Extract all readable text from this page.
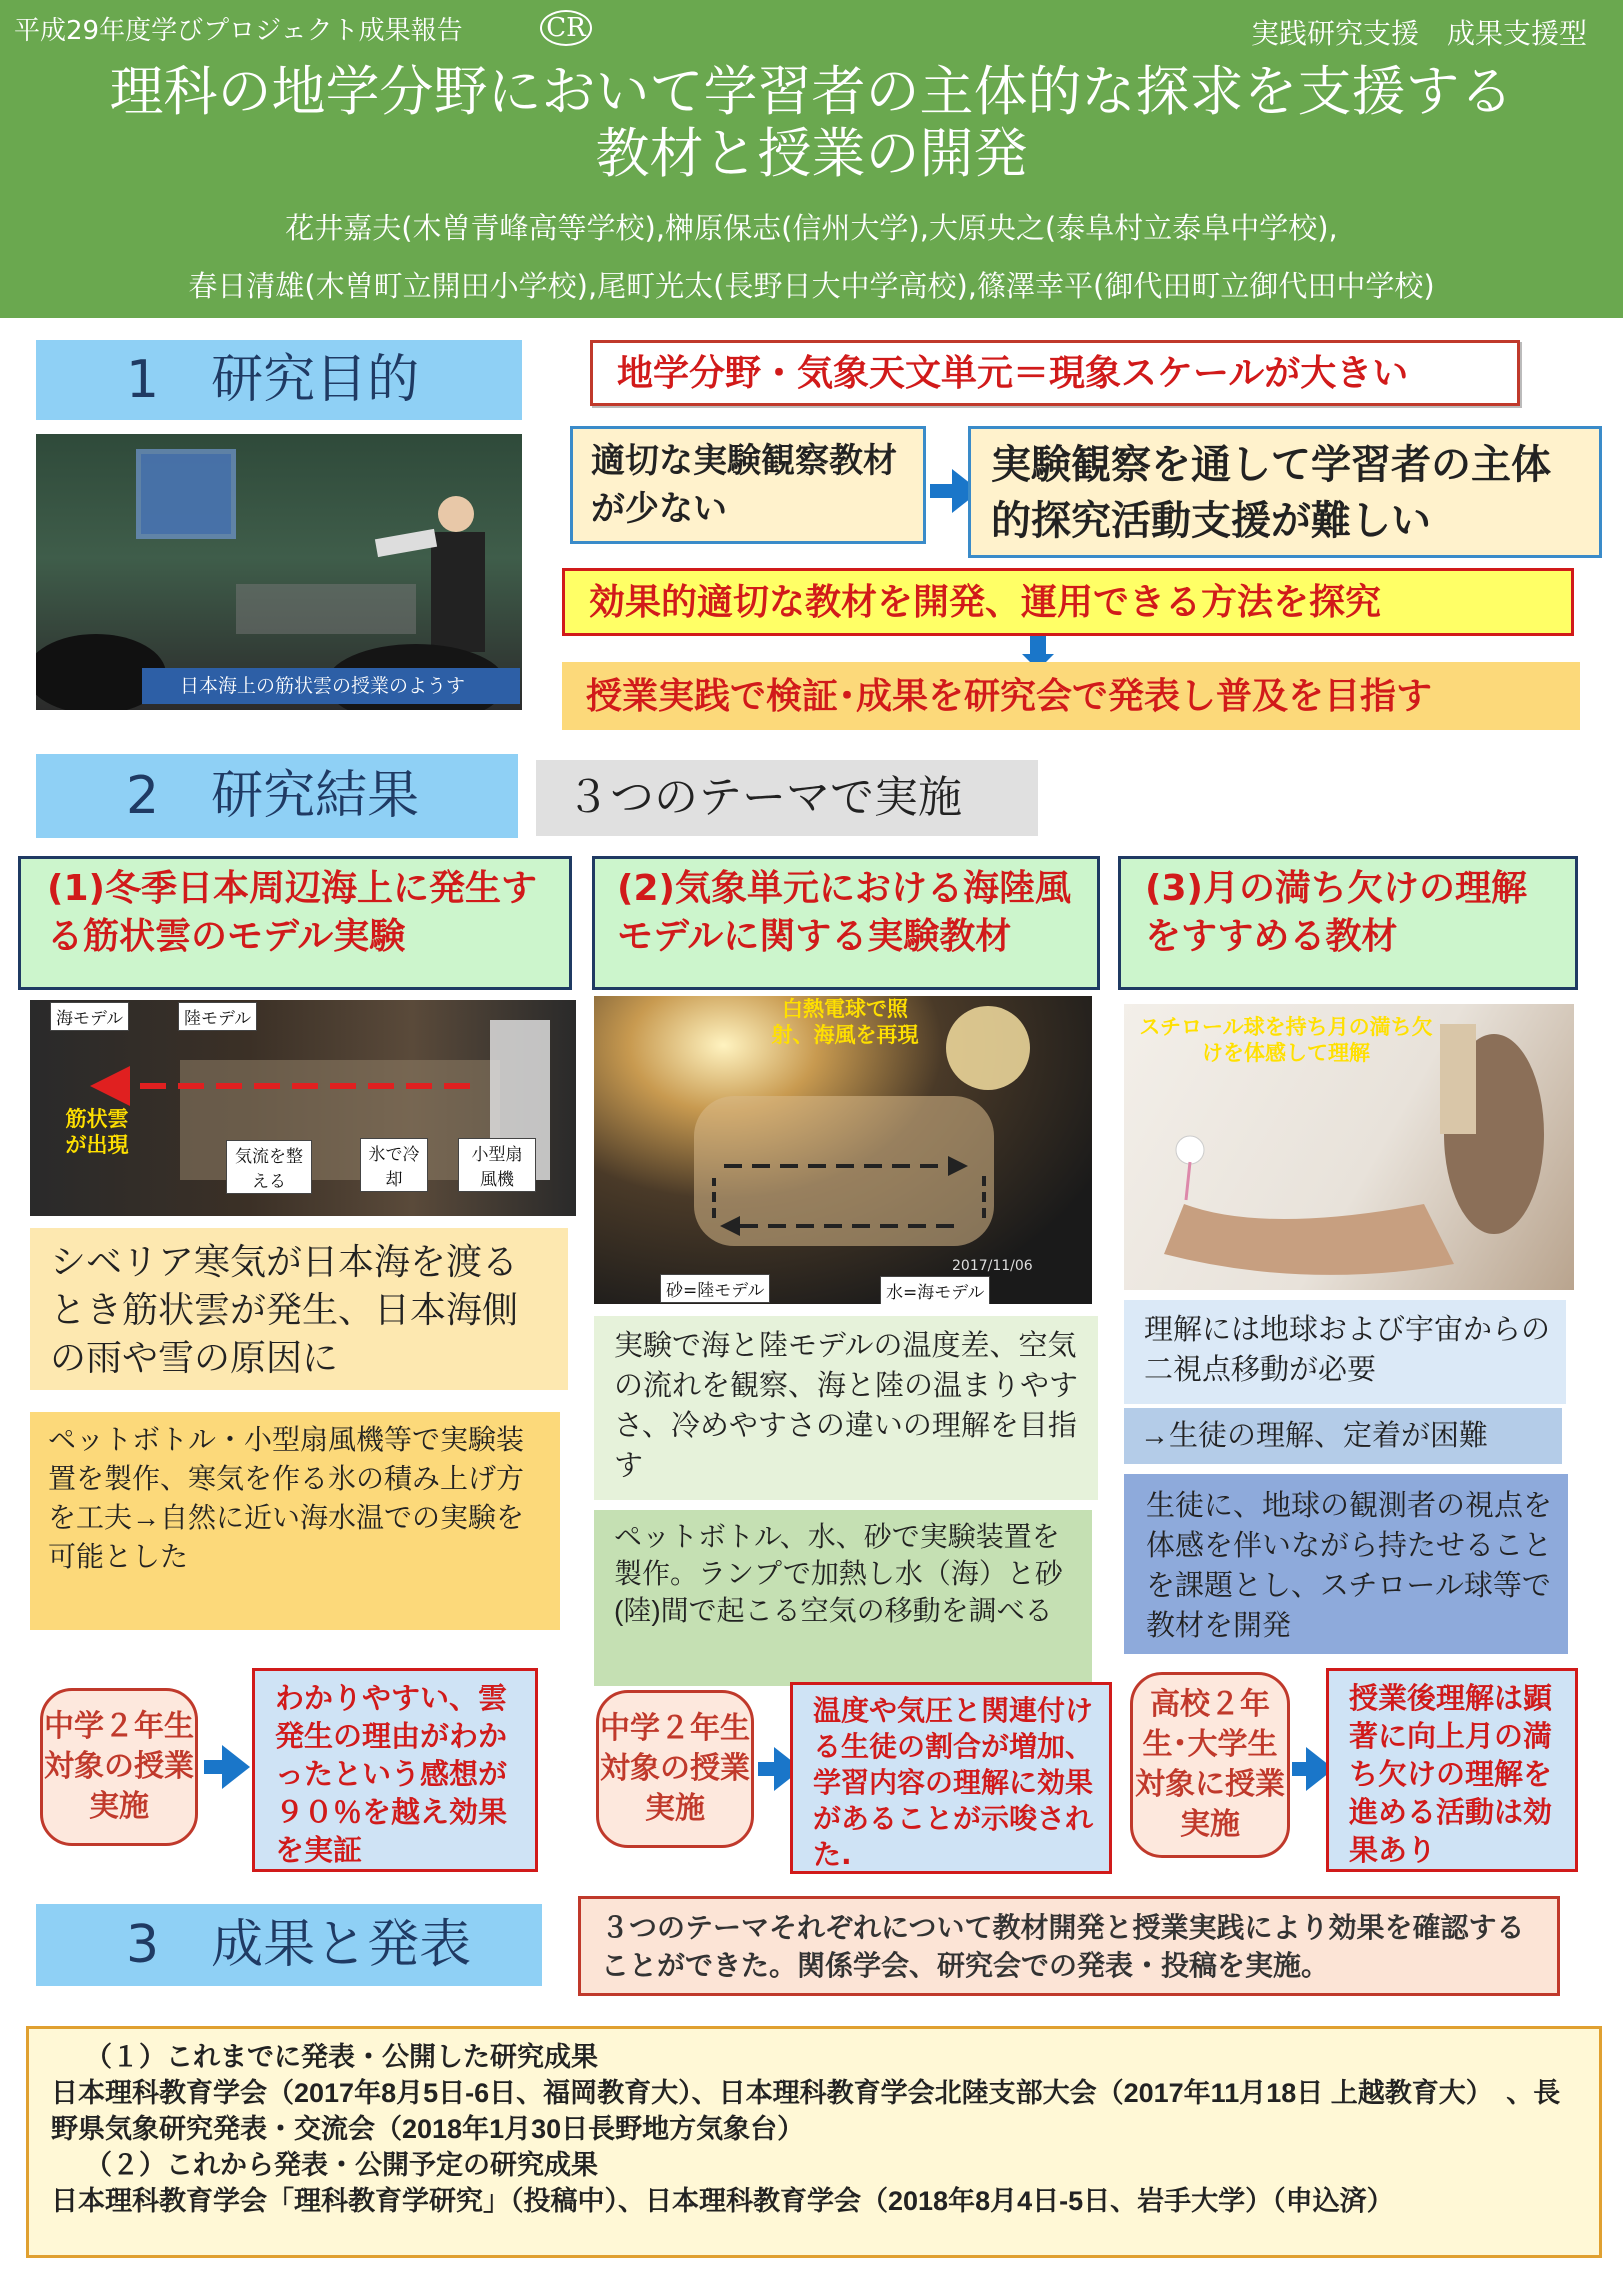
平成29年度学びプロジェクト成果報告	CR	実践研究支援　成果支援型
理科の地学分野において学習者の主体的な探求を支援する
教材と授業の開発
花井嘉夫(木曽青峰高等学校),榊原保志(信州大学),大原央之(泰阜村立泰阜中学校),
春日清雄(木曽町立開田小学校),尾町光太(長野日大中学高校),篠澤幸平(御代田町立御代田中学校)
1　研究目的
日本海上の筋状雲の授業のようす
地学分野・気象天文単元＝現象スケールが大きい
適切な実験観察教材が少ない
実験観察を通して学習者の主体的探究活動支援が難しい
効果的適切な教材を開発、運用できる方法を探究
授業実践で検証･成果を研究会で発表し普及を目指す
2　研究結果	３つのテーマで実施
(1)冬季日本周辺海上に発生する筋状雲のモデル実験
海モデル	陸モデル
筋状雲が出現	気流を整える
氷で冷却
小型扇風機
シベリア寒気が日本海を渡るとき筋状雲が発生、日本海側の雨や雪の原因に
ペットボトル・小型扇風機等で実験装置を製作、寒気を作る氷の積み上げ方を工夫→自然に近い海水温での実験を可能とした
中学２年生対象の授業実施
わかりやすい、雲発生の理由がわかったという感想が９０％を越え効果を実証
(2)気象単元における海陸風モデルに関する実験教材
白熱電球で照射、海風を再現
2017/11/06
砂=陸モデル	水=海モデル
実験で海と陸モデルの温度差、空気の流れを観察、海と陸の温まりやすさ、冷めやすさの違いの理解を目指す
ペットボトル、水、砂で実験装置を製作。ランプで加熱し水（海）と砂(陸)間で起こる空気の移動を調べる
中学２年生対象の授業実施
温度や気圧と関連付ける生徒の割合が増加、学習内容の理解に効果があることが示唆された.
(3)月の満ち欠けの理解をすすめる教材
スチロール球を持ち月の満ち欠けを体感して理解
理解には地球および宇宙からの二視点移動が必要
→生徒の理解、定着が困難
生徒に、地球の観測者の視点を体感を伴いながら持たせることを課題とし、スチロール球等で教材を開発
高校２年生･大学生対象に授業実施
授業後理解は顕著に向上月の満ち欠けの理解を進める活動は効果あり
3　成果と発表	３つのテーマそれぞれについて教材開発と授業実践により効果を確認することができた。関係学会、研究会での発表・投稿を実施。
（１）これまでに発表・公開した研究成果
日本理科教育学会（2017年8月5日-6日、福岡教育大）、日本理科教育学会北陸支部大会（2017年11月18日 上越教育大）　、長野県気象研究発表・交流会（2018年1月30日長野地方気象台）
（２）これから発表・公開予定の研究成果
日本理科教育学会「理科教育学研究」（投稿中）、日本理科教育学会（2018年8月4日-5日、岩手大学）（申込済）
